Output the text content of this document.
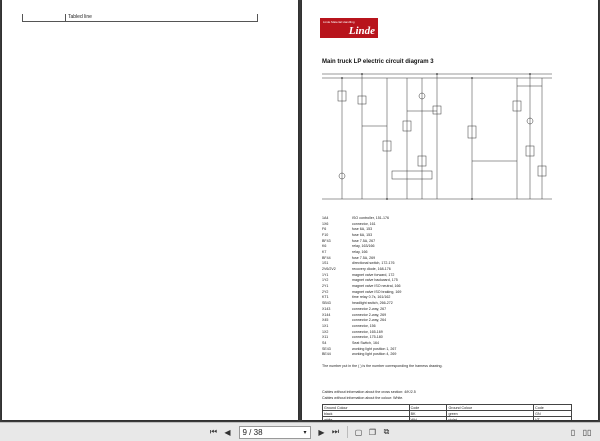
Tabled line
Linde Material Handling
Linde
Main truck LP electric circuit diagram 3
1A4	ISO controller, 151-176
1X6	connector, 161
F6	fuse 6A, 153
F10	fuse 6A, 153
BF43	fuse 7.5A, 267
K6	relay, 163/166
K7	relay, 166
BF44	fuse 7.5A, 269
1S1	directional switch, 172-176
2V6/2V2	recovery diode, 168-176
1Y1	magnet valve forward, 172
1Y2	magnet valve backward, 175
2Y1	magnet valve ISO neutral, 166
2Y2	magnet valve ISO braking, 169
KT1	time relay 0.7s, 161/162
SB43	headlight switch, 266-272
X143	connector 2-way, 267
X144	connector 2-way, 269
X45	connector 2-way, 264
1X1	connector, 156
1X2	connector, 165-169
X11	connector, 175-180
S4	Seat Switch, 164
SE43	working light position 1, 267
BE44	working light position 4, 269
The number put in the ( ) is the number corresponding the harness drawing.
Cables without information about the cross section: 4/K/2.5
Cables without information about the colour: White.
Ground Colour	Code	Ground Colour	Code
black	BK	green	GN
white	WH	violet	VT
⏮ ◀	9 / 38	▾	▶ ⏭	▢ ❐ ⧉	▯ ▯▯
